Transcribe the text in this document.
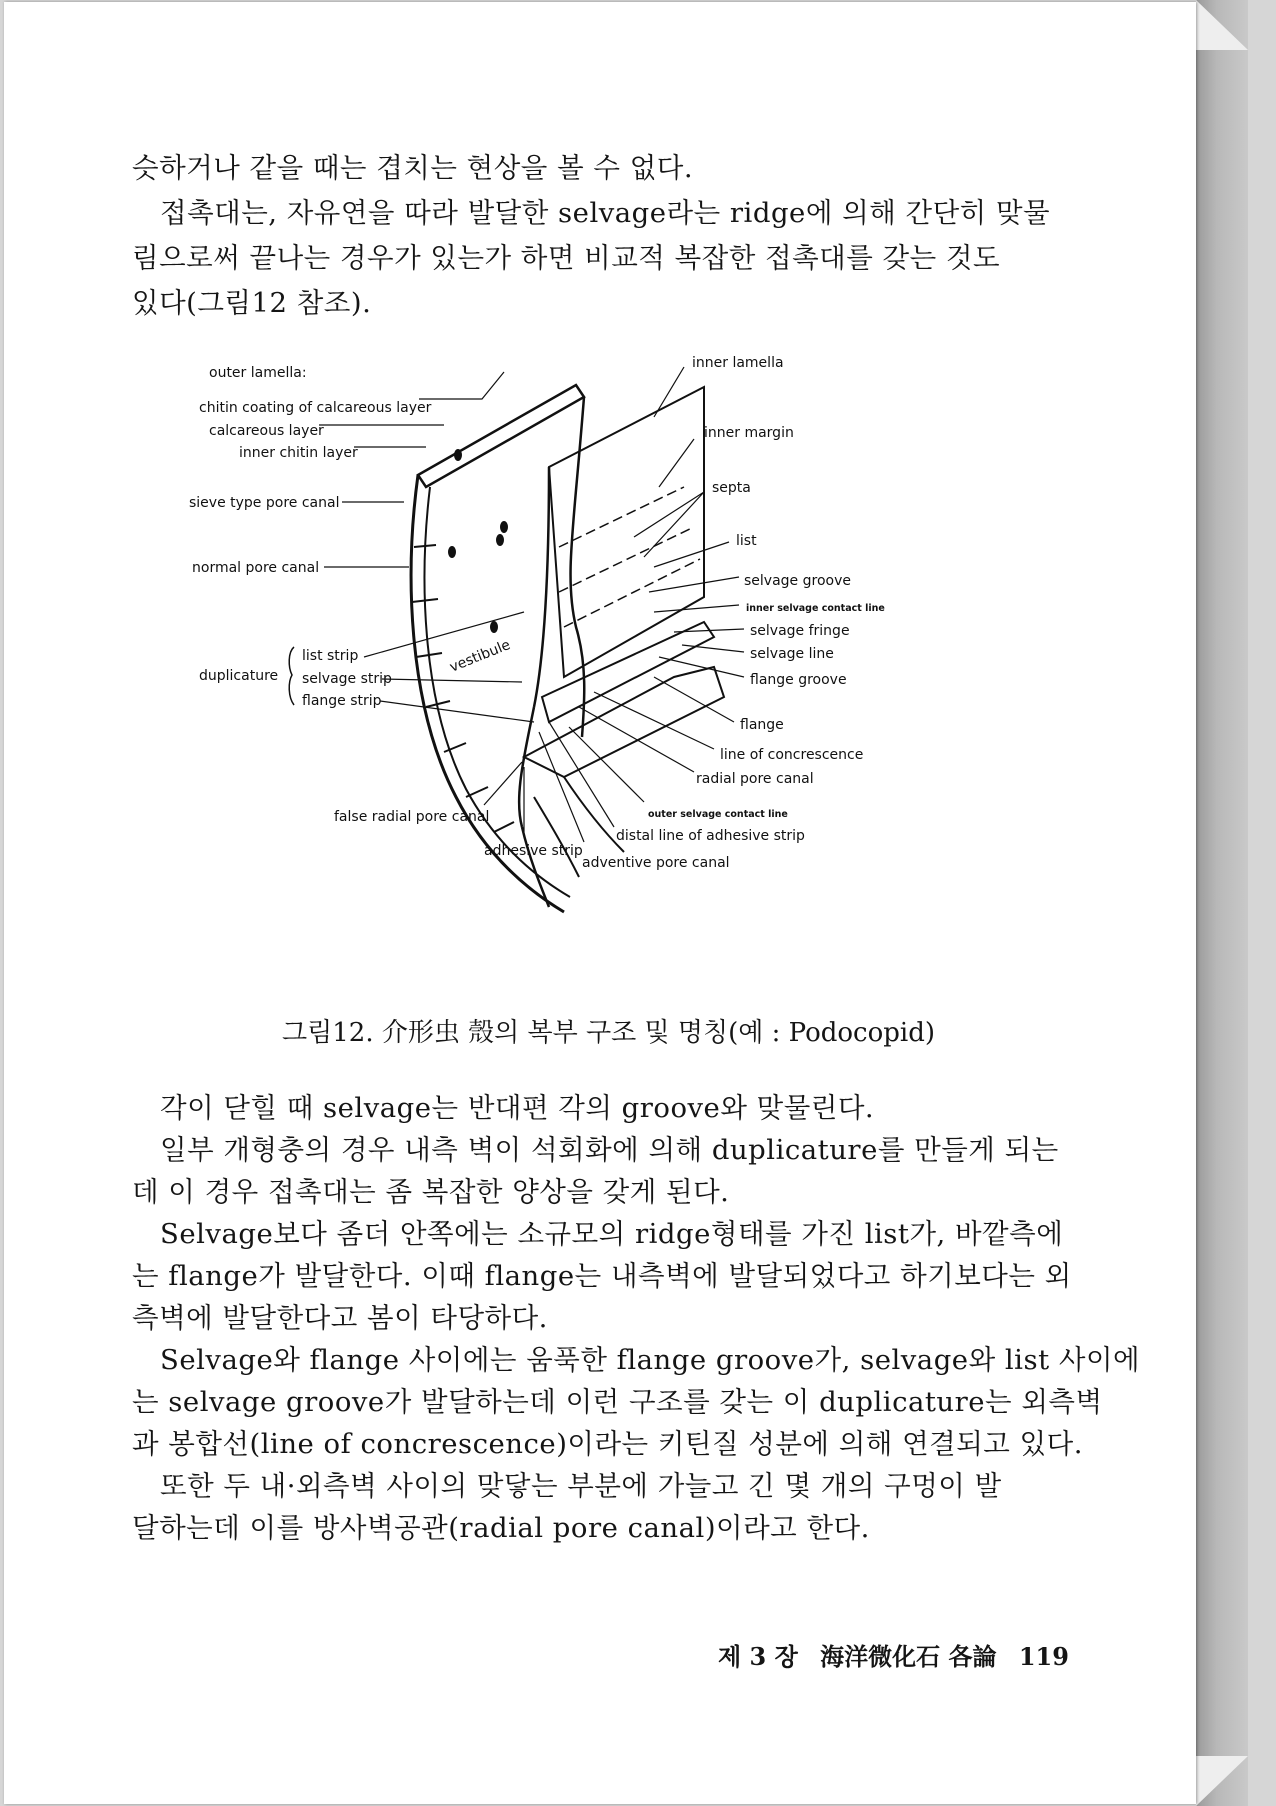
슷하거나 같을 때는 겹치는 현상을 볼 수 없다.
　접촉대는, 자유연을 따라 발달한 selvage라는 ridge에 의해 간단히 맞물
림으로써 끝나는 경우가 있는가 하면 비교적 복잡한 접촉대를 갖는 것도
있다(그림12 참조).
outer lamella:
chitin coating of calcareous layer
calcareous layer
inner chitin layer
sieve type pore canal
normal pore canal
duplicature
list strip
selvage strip
flange strip
vestibule
false radial pore canal
adhesive strip
inner lamella
inner margin
septa
list
selvage groove
inner selvage contact line
selvage fringe
selvage line
flange groove
flange
line of concrescence
radial pore canal
outer selvage contact line
distal line of adhesive strip
adventive pore canal
그림12. 介形虫 殼의 복부 구조 및 명칭(예 : Podocopid)
　각이 닫힐 때 selvage는 반대편 각의 groove와 맞물린다.
　일부 개형충의 경우 내측 벽이 석회화에 의해 duplicature를 만들게 되는
데 이 경우 접촉대는 좀 복잡한 양상을 갖게 된다.
　Selvage보다 좀더 안쪽에는 소규모의 ridge형태를 가진 list가, 바깥측에
는 flange가 발달한다. 이때 flange는 내측벽에 발달되었다고 하기보다는 외
측벽에 발달한다고 봄이 타당하다.
　Selvage와 flange 사이에는 움푹한 flange groove가, selvage와 list 사이에
는 selvage groove가 발달하는데 이런 구조를 갖는 이 duplicature는 외측벽
과 봉합선(line of concrescence)이라는 키틴질 성분에 의해 연결되고 있다.
　또한 두 내·외측벽 사이의 맞닿는 부분에 가늘고 긴 몇 개의 구멍이 발
달하는데 이를 방사벽공관(radial pore canal)이라고 한다.
제 3 장 海洋微化石 各論 119
